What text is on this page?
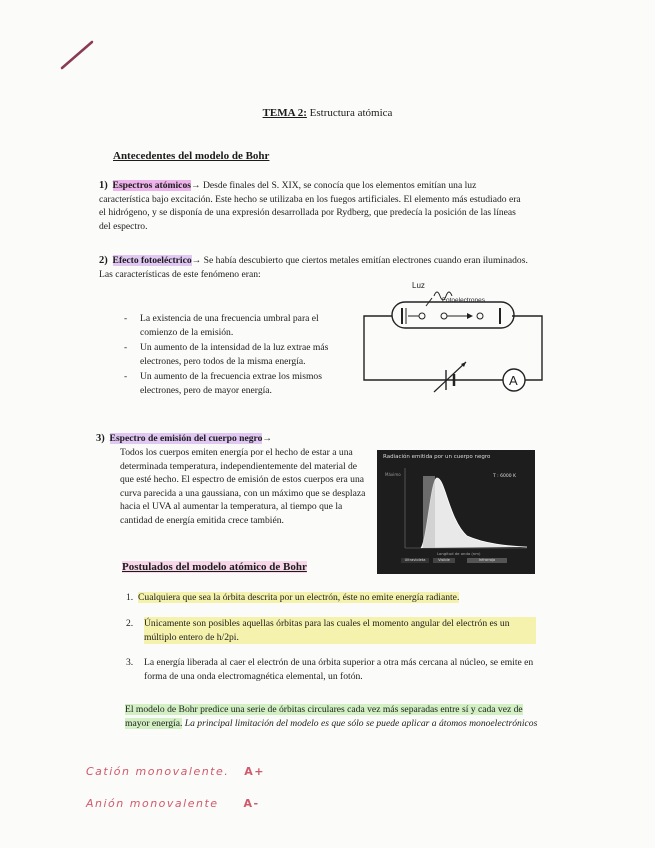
TEMA 2: Estructura atómica
Antecedentes del modelo de Bohr
1) Espectros atómicos→ Desde finales del S. XIX, se conocía que los elementos emitían una luz característica bajo excitación. Este hecho se utilizaba en los fuegos artificiales. El elemento más estudiado era el hidrógeno, y se disponía de una expresión desarrollada por Rydberg, que predecía la posición de las líneas del espectro.
2) Efecto fotoeléctrico→ Se había descubierto que ciertos metales emitían electrones cuando eran iluminados. Las características de este fenómeno eran:
- La existencia de una frecuencia umbral para el comienzo de la emisión.
- Un aumento de la intensidad de la luz extrae más electrones, pero todos de la misma energía.
- Un aumento de la frecuencia extrae los mismos electrones, pero de mayor energía.
Luz
Fotoelectrones
A
3) Espectro de emisión del cuerpo negro→
Todos los cuerpos emiten energía por el hecho de estar a una determinada temperatura, independientemente del material de que esté hecho. El espectro de emisión de estos cuerpos era una curva parecida a una gaussiana, con un máximo que se desplaza hacia el UVA al aumentar la temperatura, al tiempo que la cantidad de energía emitida crece también.
Radiación emitida por un cuerpo negro
T : 6000 K
Máximo
Longitud de onda (nm)
Visible	Infrarrojo
Ultravioleta
Postulados del modelo atómico de Bohr
1. Cualquiera que sea la órbita descrita por un electrón, éste no emite energía radiante.
2.	Únicamente son posibles aquellas órbitas para las cuales el momento angular del electrón es un múltiplo entero de h/2pi.
3.	La energía liberada al caer el electrón de una órbita superior a otra más cercana al núcleo, se emite en forma de una onda electromagnética elemental, un fotón.
El modelo de Bohr predice una serie de órbitas circulares cada vez más separadas entre sí y cada vez de mayor energía. La principal limitación del modelo es que sólo se puede aplicar a átomos monoelectrónicos
Catión monovalente. A+
Anión monovalente A-
